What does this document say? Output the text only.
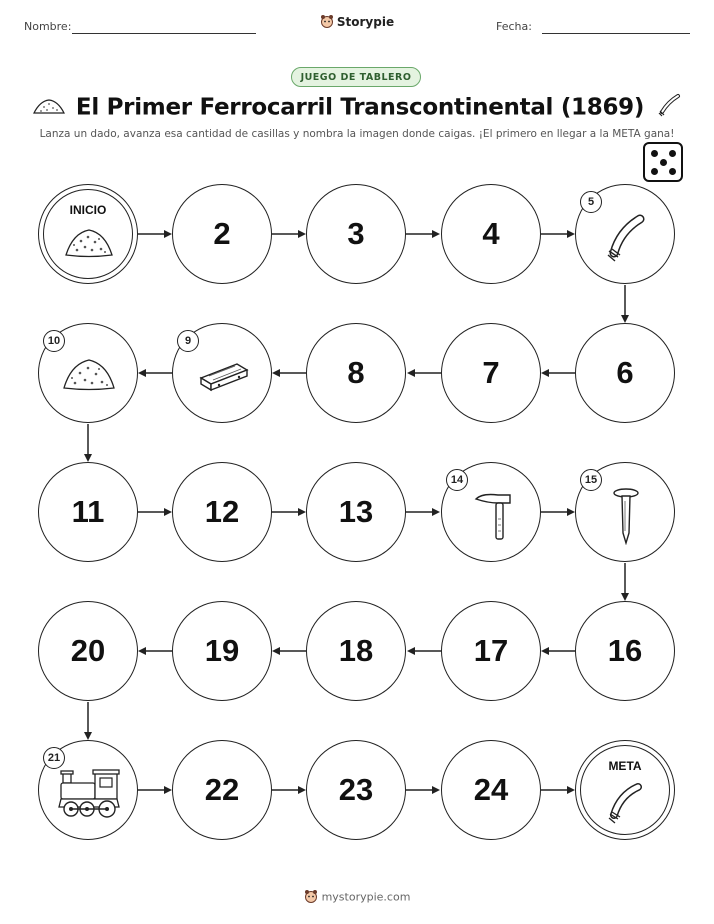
Nombre:	Storypie	Fecha:
JUEGO DE TABLERO
El Primer Ferrocarril Transcontinental (1869)
Lanza un dado, avanza esa cantidad de casillas y nombra la imagen donde caigas. ¡El primero en llegar a la META gana!
INICIO
2	3	4
5
10	9
8	7	6
11	12	13
14	15
20	19	18	17	16
21
22	23	24
META
mystorypie.com
